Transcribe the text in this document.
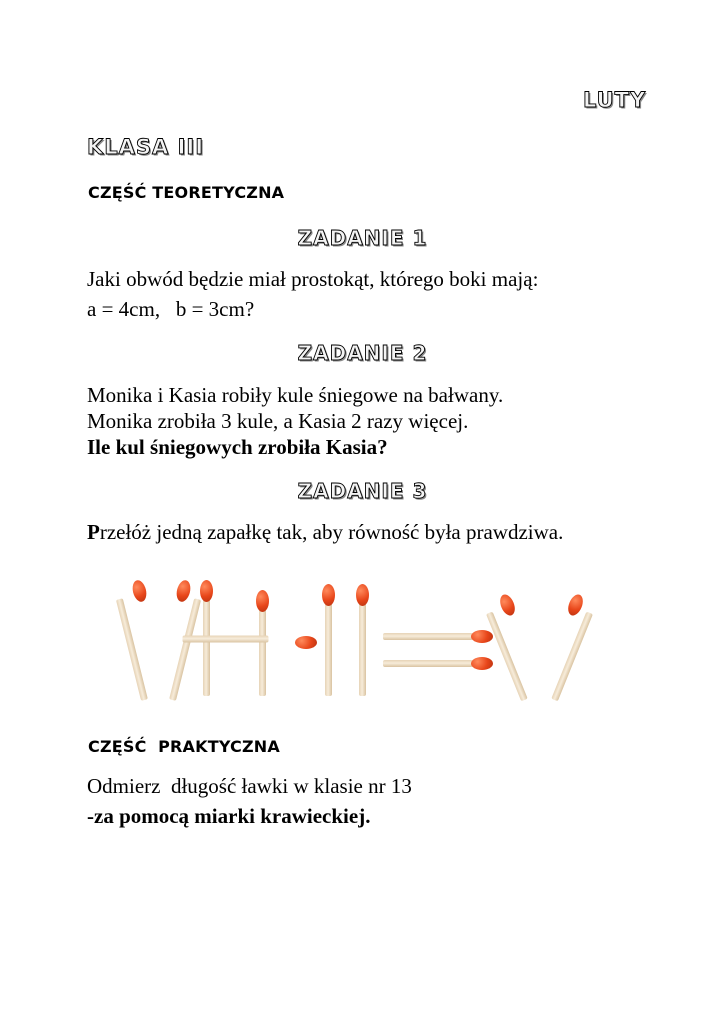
LUTY
KLASA III
CZĘŚĆ TEORETYCZNA
ZADANIE 1
Jaki obwód będzie miał prostokąt, którego boki mają:
a = 4cm,   b = 3cm?
ZADANIE 2
Monika i Kasia robiły kule śniegowe na bałwany.
Monika zrobiła 3 kule, a Kasia 2 razy więcej.
Ile kul śniegowych zrobiła Kasia?
ZADANIE 3
Przełóż jedną zapałkę tak, aby równość była prawdziwa.
CZĘŚĆ  PRAKTYCZNA
Odmierz  długość ławki w klasie nr 13
-za pomocą miarki krawieckiej.
